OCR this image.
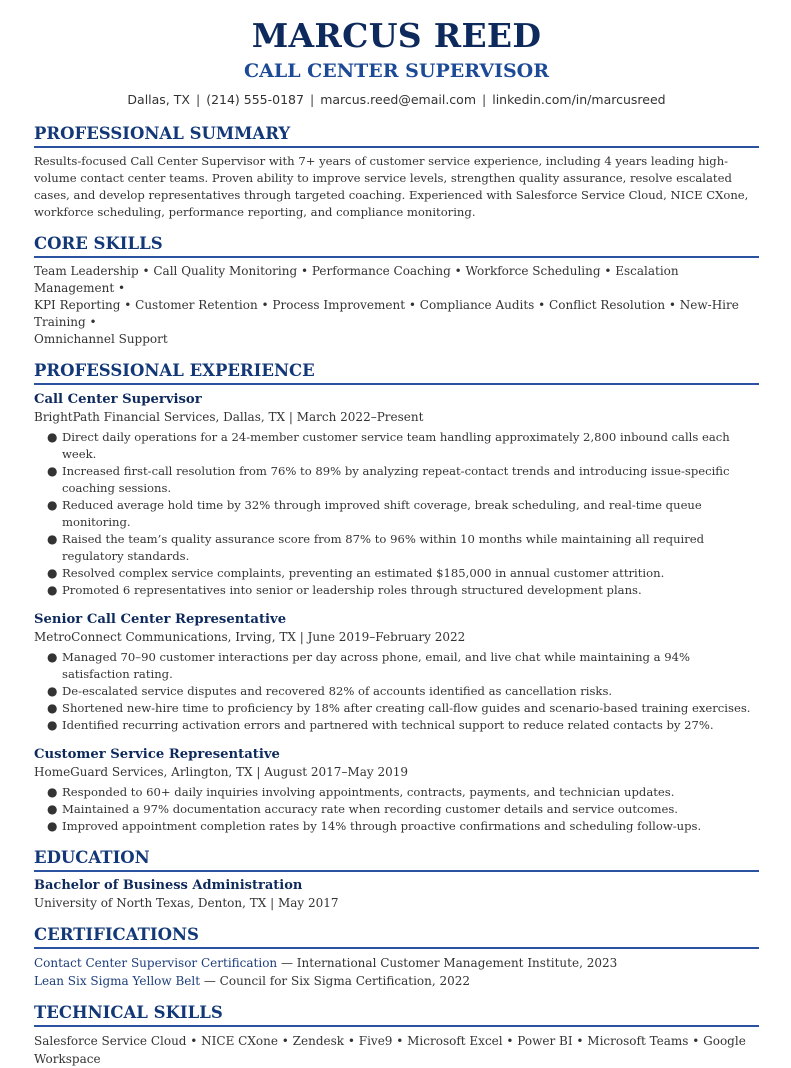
MARCUS REED
CALL CENTER SUPERVISOR
Dallas, TX | (214) 555-0187 | marcus.reed@email.com | linkedin.com/in/marcusreed
PROFESSIONAL SUMMARY

Results-focused Call Center Supervisor with 7+ years of customer service experience, including 4 years leading high-volume contact center teams. Proven ability to improve service levels, strengthen quality assurance, resolve escalated cases, and develop representatives through targeted coaching. Experienced with Salesforce Service Cloud, NICE CXone, workforce scheduling, performance reporting, and compliance monitoring.

CORE SKILLS
Team Leadership • Call Quality Monitoring • Performance Coaching • Workforce Scheduling • Escalation Management •
KPI Reporting • Customer Retention • Process Improvement • Compliance Audits • Conflict Resolution • New-Hire Training •
Omnichannel Support
PROFESSIONAL EXPERIENCE
Call Center Supervisor
BrightPath Financial Services, Dallas, TX | March 2022–Present
● Direct daily operations for a 24-member customer service team handling approximately 2,800 inbound calls each week.
● Increased first-call resolution from 76% to 89% by analyzing repeat-contact trends and introducing issue-specific coaching sessions.
● Reduced average hold time by 32% through improved shift coverage, break scheduling, and real-time queue monitoring.
● Raised the team’s quality assurance score from 87% to 96% within 10 months while maintaining all required regulatory standards.
● Resolved complex service complaints, preventing an estimated $185,000 in annual customer attrition.
● Promoted 6 representatives into senior or leadership roles through structured development plans.
Senior Call Center Representative
MetroConnect Communications, Irving, TX | June 2019–February 2022
● Managed 70–90 customer interactions per day across phone, email, and live chat while maintaining a 94% satisfaction rating.
● De-escalated service disputes and recovered 82% of accounts identified as cancellation risks.
● Shortened new-hire time to proficiency by 18% after creating call-flow guides and scenario-based training exercises.
● Identified recurring activation errors and partnered with technical support to reduce related contacts by 27%.
Customer Service Representative
HomeGuard Services, Arlington, TX | August 2017–May 2019
● Responded to 60+ daily inquiries involving appointments, contracts, payments, and technician updates.
● Maintained a 97% documentation accuracy rate when recording customer details and service outcomes.
● Improved appointment completion rates by 14% through proactive confirmations and scheduling follow-ups.
EDUCATION
Bachelor of Business Administration
University of North Texas, Denton, TX | May 2017
CERTIFICATIONS
Contact Center Supervisor Certification — International Customer Management Institute, 2023
Lean Six Sigma Yellow Belt — Council for Six Sigma Certification, 2022
TECHNICAL SKILLS
Salesforce Service Cloud • NICE CXone • Zendesk • Five9 • Microsoft Excel • Power BI • Microsoft Teams • Google Workspace
